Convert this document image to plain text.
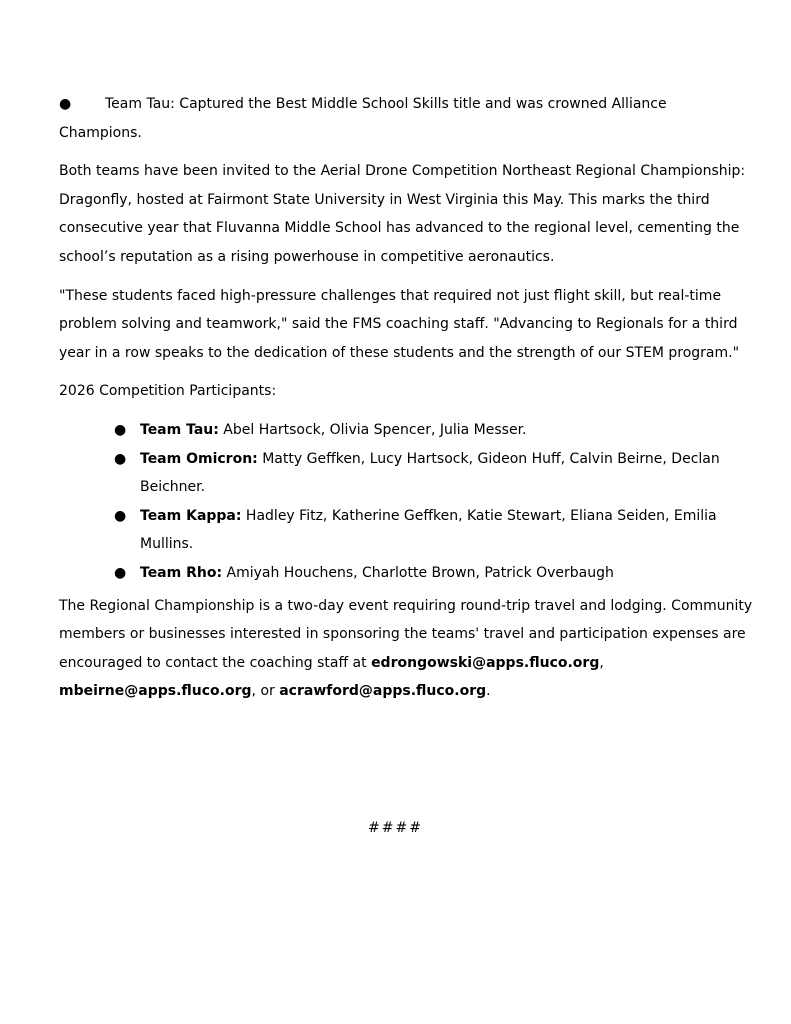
● Team Tau: Captured the Best Middle School Skills title and was crowned Alliance
Champions.

Both teams have been invited to the Aerial Drone Competition Northeast Regional Championship:
Dragonfly, hosted at Fairmont State University in West Virginia this May. This marks the third
consecutive year that Fluvanna Middle School has advanced to the regional level, cementing the
school’s reputation as a rising powerhouse in competitive aeronautics.

"These students faced high-pressure challenges that required not just flight skill, but real-time
problem solving and teamwork," said the FMS coaching staff. "Advancing to Regionals for a third
year in a row speaks to the dedication of these students and the strength of our STEM program."

2026 Competition Participants:

● Team Tau: Abel Hartsock, Olivia Spencer, Julia Messer.
● Team Omicron: Matty Geffken, Lucy Hartsock, Gideon Huff, Calvin Beirne, Declan
Beichner.
● Team Kappa: Hadley Fitz, Katherine Geffken, Katie Stewart, Eliana Seiden, Emilia
Mullins.
● Team Rho: Amiyah Houchens, Charlotte Brown, Patrick Overbaugh

The Regional Championship is a two-day event requiring round-trip travel and lodging. Community
members or businesses interested in sponsoring the teams' travel and participation expenses are
encouraged to contact the coaching staff at edrongowski@apps.fluco.org,
mbeirne@apps.fluco.org, or acrawford@apps.fluco.org.

####
